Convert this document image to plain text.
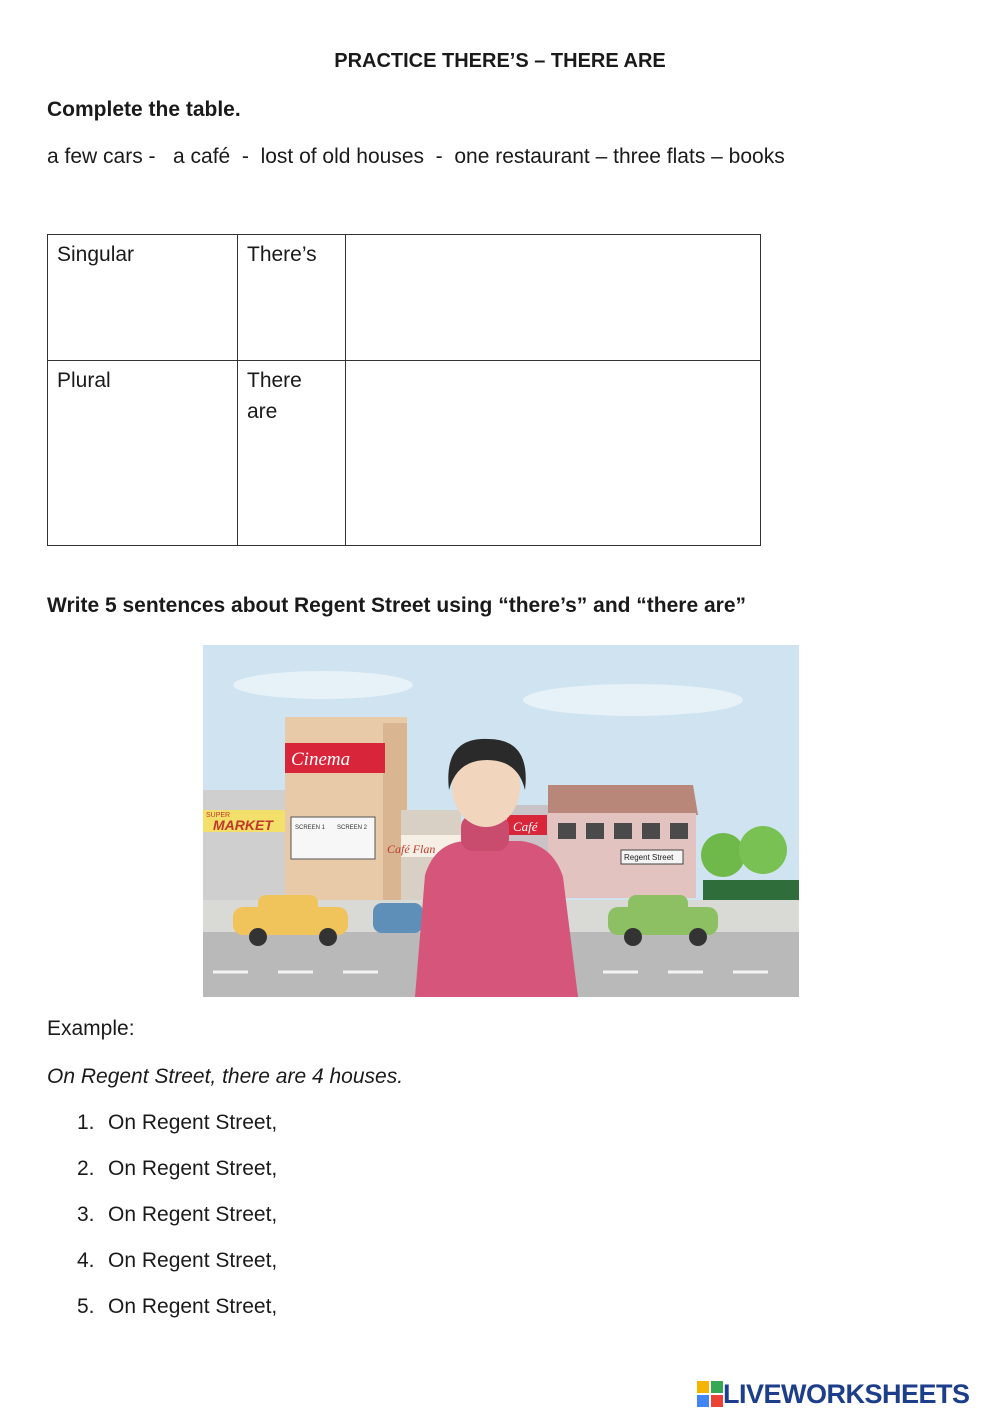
PRACTICE THERE’S – THERE ARE
Complete the table.
a few cars -   a café  -  lost of old houses  -  one restaurant – three flats – books
Singular	There’s	
Plural	There are	
Write 5 sentences about Regent Street using “there’s” and “there are”
SUPER
MARKET
Cinema
SCREEN 1 SCREEN 2
Café Flan
Café
Regent Street
Example:
On Regent Street, there are 4 houses.
1. On Regent Street,
2. On Regent Street,
3. On Regent Street,
4. On Regent Street,
5. On Regent Street,
LIVEWORKSHEETS
